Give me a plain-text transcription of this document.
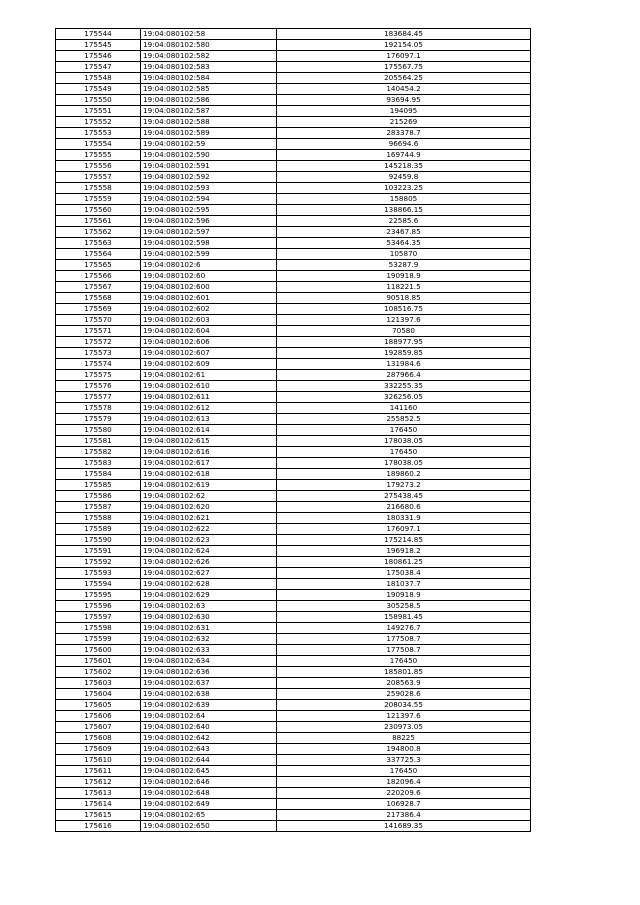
175544	19:04:080102:58	183684.45
175545	19:04:080102:580	192154.05
175546	19:04:080102:582	176097.1
175547	19:04:080102:583	175567.75
175548	19:04:080102:584	205564.25
175549	19:04:080102:585	140454.2
175550	19:04:080102:586	93694.95
175551	19:04:080102:587	194095
175552	19:04:080102:588	215269
175553	19:04:080102:589	283378.7
175554	19:04:080102:59	96694.6
175555	19:04:080102:590	169744.9
175556	19:04:080102:591	145218.35
175557	19:04:080102:592	92459.8
175558	19:04:080102:593	103223.25
175559	19:04:080102:594	158805
175560	19:04:080102:595	138866.15
175561	19:04:080102:596	22585.6
175562	19:04:080102:597	23467.85
175563	19:04:080102:598	53464.35
175564	19:04:080102:599	105870
175565	19:04:080102:6	53287.9
175566	19:04:080102:60	190918.9
175567	19:04:080102:600	118221.5
175568	19:04:080102:601	90518.85
175569	19:04:080102:602	108516.75
175570	19:04:080102:603	121397.6
175571	19:04:080102:604	70580
175572	19:04:080102:606	188977.95
175573	19:04:080102:607	192859.85
175574	19:04:080102:609	131984.6
175575	19:04:080102:61	287966.4
175576	19:04:080102:610	332255.35
175577	19:04:080102:611	326256.05
175578	19:04:080102:612	141160
175579	19:04:080102:613	255852.5
175580	19:04:080102:614	176450
175581	19:04:080102:615	178038.05
175582	19:04:080102:616	176450
175583	19:04:080102:617	178038.05
175584	19:04:080102:618	189860.2
175585	19:04:080102:619	179273.2
175586	19:04:080102:62	275438.45
175587	19:04:080102:620	216680.6
175588	19:04:080102:621	180331.9
175589	19:04:080102:622	176097.1
175590	19:04:080102:623	175214.85
175591	19:04:080102:624	196918.2
175592	19:04:080102:626	180861.25
175593	19:04:080102:627	175038.4
175594	19:04:080102:628	181037.7
175595	19:04:080102:629	190918.9
175596	19:04:080102:63	305258.5
175597	19:04:080102:630	158981.45
175598	19:04:080102:631	149276.7
175599	19:04:080102:632	177508.7
175600	19:04:080102:633	177508.7
175601	19:04:080102:634	176450
175602	19:04:080102:636	185801.85
175603	19:04:080102:637	208563.9
175604	19:04:080102:638	259028.6
175605	19:04:080102:639	208034.55
175606	19:04:080102:64	121397.6
175607	19:04:080102:640	230973.05
175608	19:04:080102:642	88225
175609	19:04:080102:643	194800.8
175610	19:04:080102:644	337725.3
175611	19:04:080102:645	176450
175612	19:04:080102:646	182096.4
175613	19:04:080102:648	220209.6
175614	19:04:080102:649	106928.7
175615	19:04:080102:65	217386.4
175616	19:04:080102:650	141689.35
